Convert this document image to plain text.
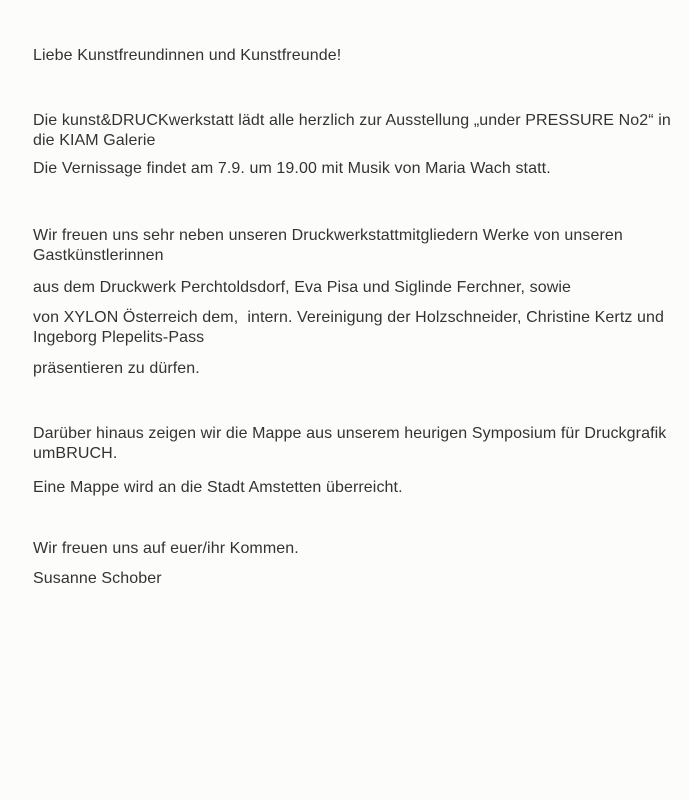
Liebe Kunstfreundinnen und Kunstfreunde!
Die kunst&DRUCKwerkstatt lädt alle herzlich zur Ausstellung „under PRESSURE No2“ in
die KIAM Galerie
Die Vernissage findet am 7.9. um 19.00 mit Musik von Maria Wach statt.
Wir freuen uns sehr neben unseren Druckwerkstattmitgliedern Werke von unseren
Gastkünstlerinnen
aus dem Druckwerk Perchtoldsdorf, Eva Pisa und Siglinde Ferchner, sowie
von XYLON Österreich dem,  intern. Vereinigung der Holzschneider, Christine Kertz und
Ingeborg Plepelits-Pass
präsentieren zu dürfen.
Darüber hinaus zeigen wir die Mappe aus unserem heurigen Symposium für Druckgrafik
umBRUCH.
Eine Mappe wird an die Stadt Amstetten überreicht.
Wir freuen uns auf euer/ihr Kommen.
Susanne Schober
